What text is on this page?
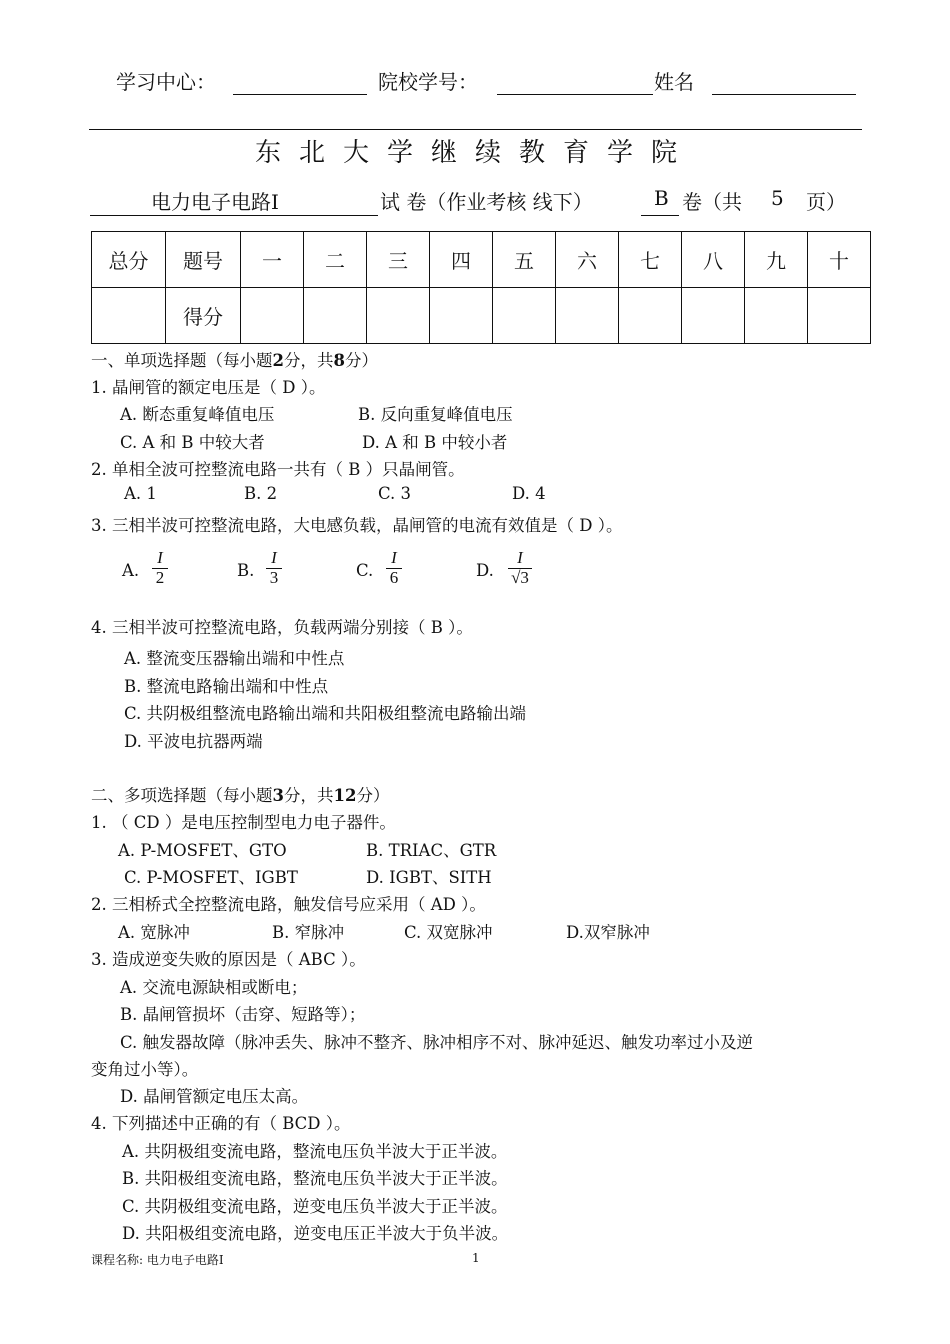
学习中心：	院校学号：	姓名
东北大学继续教育学院
电力电子电路Ⅰ	试 卷（作业考核 线下）	B 卷（共 5 页）
总分	题号	一	二	三	四	五	六	七	八	九	十
	得分										
一、单项选择题（每小题2分，共8分）
1. 晶闸管的额定电压是（ D ）。
A. 断态重复峰值电压	B. 反向重复峰值电压
C. A 和 B 中较大者	D. A 和 B 中较小者
2. 单相全波可控整流电路一共有（ B ）只晶闸管。
A. 1	B. 2	C. 3	D. 4
3. 三相半波可控整流电路，大电感负载，晶闸管的电流有效值是（ D ）。
A.
I
2	B.
I
3	C.
I
6	D.
I
√3
4. 三相半波可控整流电路，负载两端分别接（ B ）。
A. 整流变压器输出端和中性点
B. 整流电路输出端和中性点
C. 共阴极组整流电路输出端和共阳极组整流电路输出端
D. 平波电抗器两端
二、多项选择题（每小题3分，共12分）
1. （ CD ）是电压控制型电力电子器件。
A. P-MOSFET、GTO	B. TRIAC、GTR
C. P-MOSFET、IGBT	D. IGBT、SITH
2. 三相桥式全控整流电路，触发信号应采用（ AD ）。
A. 宽脉冲	B. 窄脉冲	C. 双宽脉冲	D.双窄脉冲
3. 造成逆变失败的原因是（ ABC ）。
A. 交流电源缺相或断电；
B. 晶闸管损坏（击穿、短路等）；
C. 触发器故障（脉冲丢失、脉冲不整齐、脉冲相序不对、脉冲延迟、触发功率过小及逆
变角过小等）。
D. 晶闸管额定电压太高。
4. 下列描述中正确的有（ BCD ）。
A. 共阴极组变流电路，整流电压负半波大于正半波。
B. 共阳极组变流电路，整流电压负半波大于正半波。
C. 共阴极组变流电路，逆变电压负半波大于正半波。
D. 共阳极组变流电路，逆变电压正半波大于负半波。
课程名称: 电力电子电路Ⅰ	1
